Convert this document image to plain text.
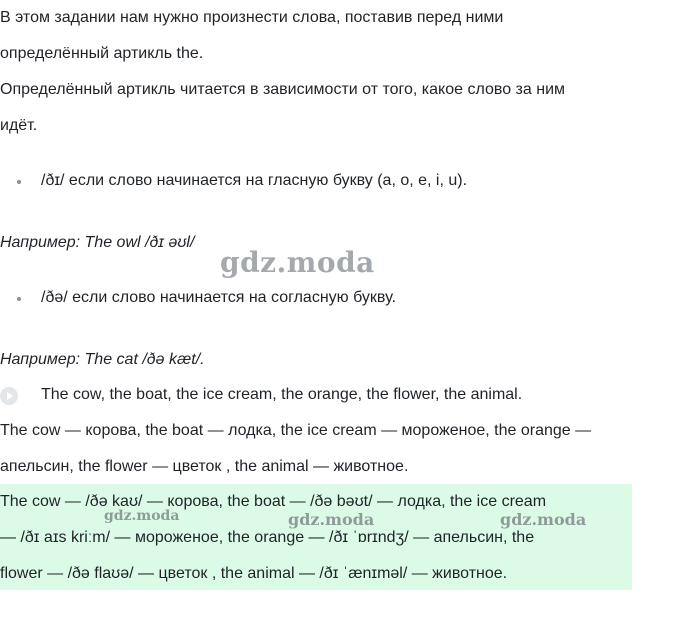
В этом задании нам нужно произнести слова, поставив перед ними
определённый артикль the.
Определённый артикль читается в зависимости от того, какое слово за ним
идёт.
/ðɪ/ если слово начинается на гласную букву (a, o, e, i, u).
Например: The owl /ðɪ əʊl/
gdz.moda
/ðə/ если слово начинается на согласную букву.
Например: The cat /ðə kæt/.
The cow, the boat, the ice cream, the orange, the flower, the animal.
The cow — корова, the boat — лодка, the ice cream — мороженое, the orange —
апельсин, the flower — цветок , the animal — животное.
The cow — /ðə kaʊ/ — корова, the boat — /ðə bəʊt/ — лодка, the ice cream
— /ðɪ aɪs kriːm/ — мороженое, the orange — /ðɪ ˈɒrɪndʒ/ — апельсин, the
flower — /ðə flaʊə/ — цветок , the animal — /ðɪ ˈænɪməl/ — животное.
gdz.moda	gdz.moda	gdz.moda
